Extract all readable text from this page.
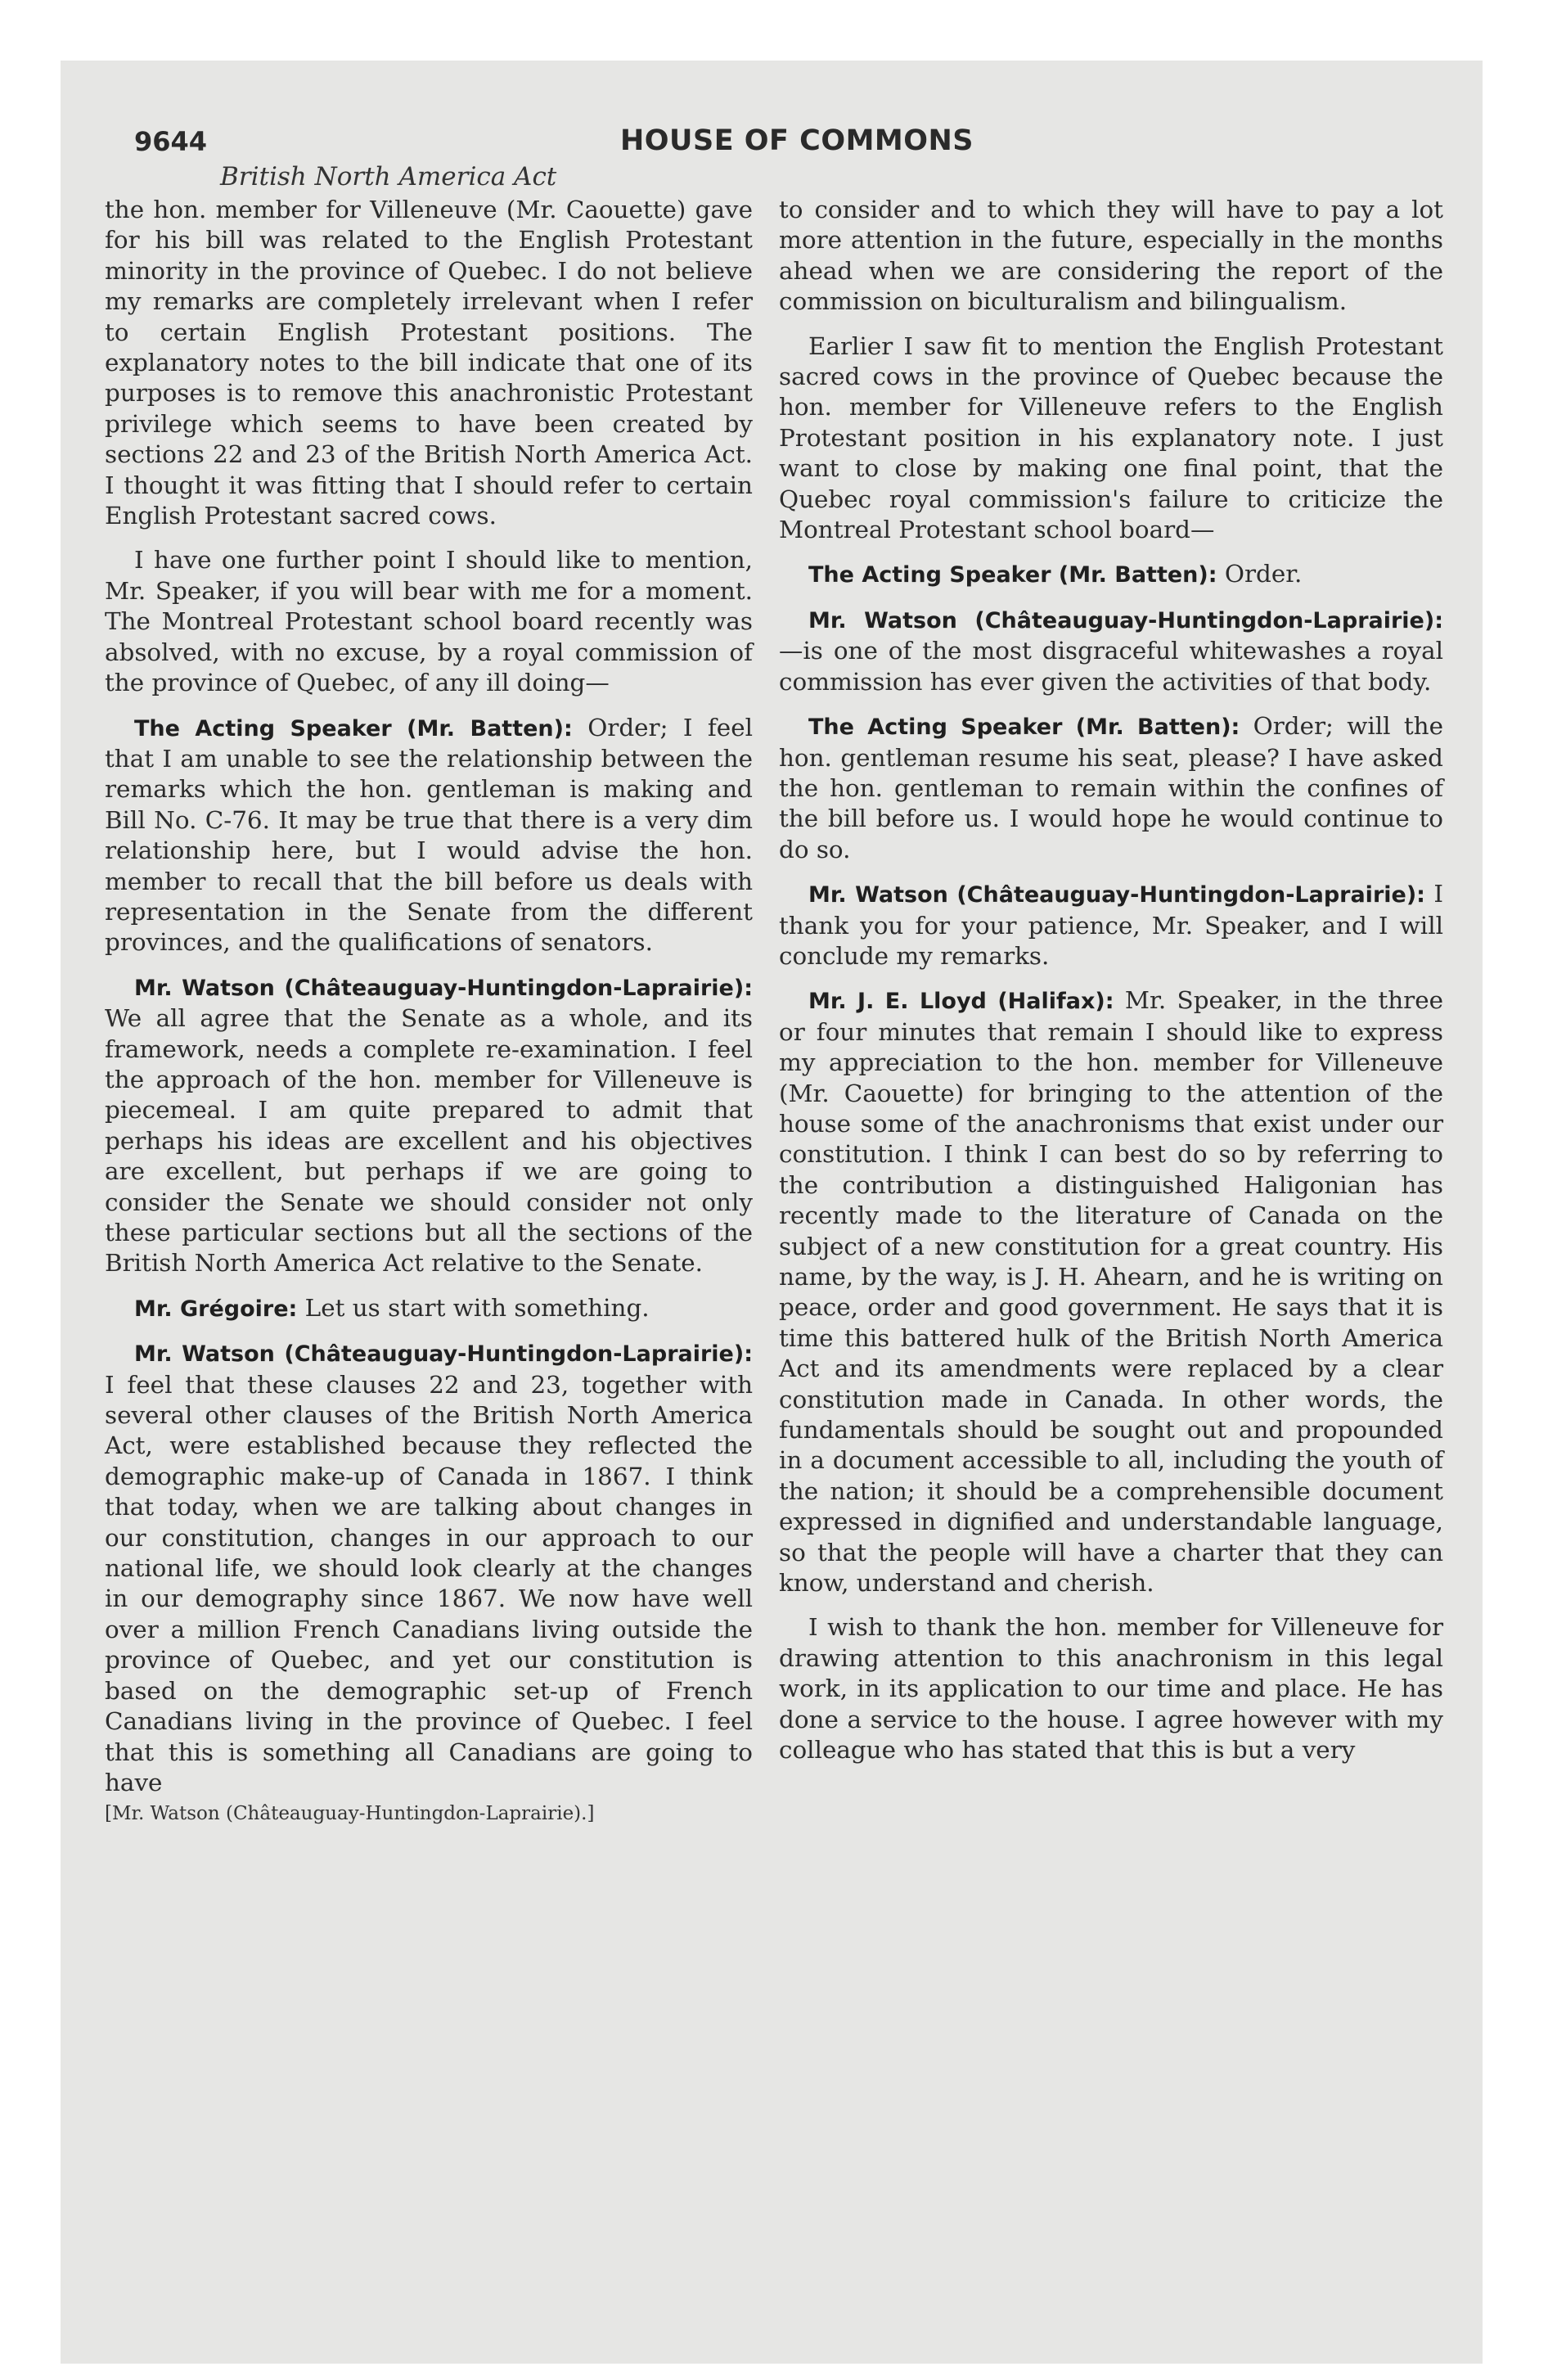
9644	HOUSE OF COMMONS
British North America Act

the hon. member for Villeneuve (Mr. Caouette) gave for his bill was related to the English Protestant minority in the province of Quebec. I do not believe my remarks are completely irrelevant when I refer to certain English Protestant positions. The explanatory notes to the bill indicate that one of its purposes is to remove this anachronistic Protestant privilege which seems to have been created by sections 22 and 23 of the British North America Act. I thought it was fitting that I should refer to certain English Protestant sacred cows.

I have one further point I should like to mention, Mr. Speaker, if you will bear with me for a moment. The Montreal Protestant school board recently was absolved, with no excuse, by a royal commission of the province of Quebec, of any ill doing—

The Acting Speaker (Mr. Batten): Order; I feel that I am unable to see the relationship between the remarks which the hon. gentleman is making and Bill No. C-76. It may be true that there is a very dim relationship here, but I would advise the hon. member to recall that the bill before us deals with representation in the Senate from the different provinces, and the qualifications of senators.

Mr. Watson (Châteauguay-Huntingdon-Laprairie): We all agree that the Senate as a whole, and its framework, needs a complete re-examination. I feel the approach of the hon. member for Villeneuve is piecemeal. I am quite prepared to admit that perhaps his ideas are excellent and his objectives are excellent, but perhaps if we are going to consider the Senate we should consider not only these particular sections but all the sections of the British North America Act relative to the Senate.

Mr. Grégoire: Let us start with something.

Mr. Watson (Châteauguay-Huntingdon-Laprairie): I feel that these clauses 22 and 23, together with several other clauses of the British North America Act, were established because they reflected the demographic make-up of Canada in 1867. I think that today, when we are talking about changes in our constitution, changes in our approach to our national life, we should look clearly at the changes in our demography since 1867. We now have well over a million French Canadians living outside the province of Quebec, and yet our constitution is based on the demographic set-up of French Canadians living in the province of Quebec. I feel that this is something all Canadians are going to have

[Mr. Watson (Châteauguay-Huntingdon-Laprairie).]

to consider and to which they will have to pay a lot more attention in the future, especially in the months ahead when we are considering the report of the commission on biculturalism and bilingualism.

Earlier I saw fit to mention the English Protestant sacred cows in the province of Quebec because the hon. member for Villeneuve refers to the English Protestant position in his explanatory note. I just want to close by making one final point, that the Quebec royal commission's failure to criticize the Montreal Protestant school board—

The Acting Speaker (Mr. Batten): Order.

Mr. Watson (Châteauguay-Huntingdon-Laprairie): —is one of the most disgraceful whitewashes a royal commission has ever given the activities of that body.

The Acting Speaker (Mr. Batten): Order; will the hon. gentleman resume his seat, please? I have asked the hon. gentleman to remain within the confines of the bill before us. I would hope he would continue to do so.

Mr. Watson (Châteauguay-Huntingdon-Laprairie): I thank you for your patience, Mr. Speaker, and I will conclude my remarks.

Mr. J. E. Lloyd (Halifax): Mr. Speaker, in the three or four minutes that remain I should like to express my appreciation to the hon. member for Villeneuve (Mr. Caouette) for bringing to the attention of the house some of the anachronisms that exist under our constitution. I think I can best do so by referring to the contribution a distinguished Haligonian has recently made to the literature of Canada on the subject of a new constitution for a great country. His name, by the way, is J. H. Ahearn, and he is writing on peace, order and good government. He says that it is time this battered hulk of the British North America Act and its amendments were replaced by a clear constitution made in Canada. In other words, the fundamentals should be sought out and propounded in a document accessible to all, including the youth of the nation; it should be a comprehensible document expressed in dignified and understandable language, so that the people will have a charter that they can know, understand and cherish.

I wish to thank the hon. member for Villeneuve for drawing attention to this anachronism in this legal work, in its application to our time and place. He has done a service to the house. I agree however with my colleague who has stated that this is but a very
